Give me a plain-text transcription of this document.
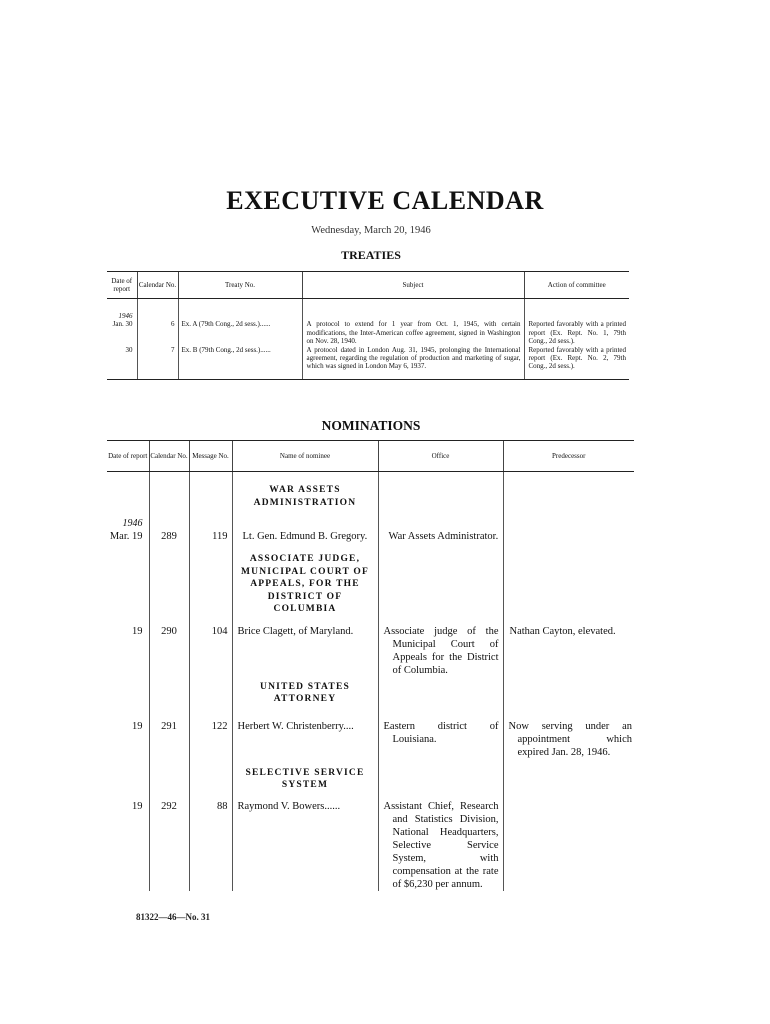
EXECUTIVE CALENDAR
Wednesday, March 20, 1946
TREATIES
Date of report	Calendar No.	Treaty No.	Subject	Action of committee

1946
Jan. 30	6	Ex. A (79th Cong., 2d sess.)......	A protocol to extend for 1 year from Oct. 1, 1945, with certain modifications, the Inter-American coffee agreement, signed in Washington on Nov. 28, 1940.	Reported favorably with a printed report (Ex. Rept. No. 1, 79th Cong., 2d sess.).
30	7	Ex. B (79th Cong., 2d sess.)......	A protocol dated in London Aug. 31, 1945, prolonging the International agreement, regarding the regulation of production and marketing of sugar, which was signed in London May 6, 1937.	Reported favorably with a printed report (Ex. Rept. No. 2, 79th Cong., 2d sess.).

NOMINATIONS
Date of report	Calendar No.	Message No.	Name of nominee	Office	Predecessor

			WAR ASSETS ADMINISTRATION		

1946
Mar. 19	289	119	Lt. Gen. Edmund B. Gregory.	War Assets Administrator.	

			ASSOCIATE JUDGE, MUNICIPAL COURT OF APPEALS, FOR THE DISTRICT OF COLUMBIA		

19	290	104	Brice Clagett, of Maryland.	Associate judge of the Municipal Court of Appeals for the District of Columbia.	Nathan Cayton, elevated.

			UNITED STATES ATTORNEY		

19	291	122	Herbert W. Christenberry....	Eastern district of Louisiana.	Now serving under an appointment which expired Jan. 28, 1946.

			SELECTIVE SERVICE SYSTEM		

19	292	88	Raymond V. Bowers......	Assistant Chief, Research and Statistics Division, National Headquarters, Selective Service System, with compensation at the rate of $6,230 per annum.	
81322—46—No. 31
